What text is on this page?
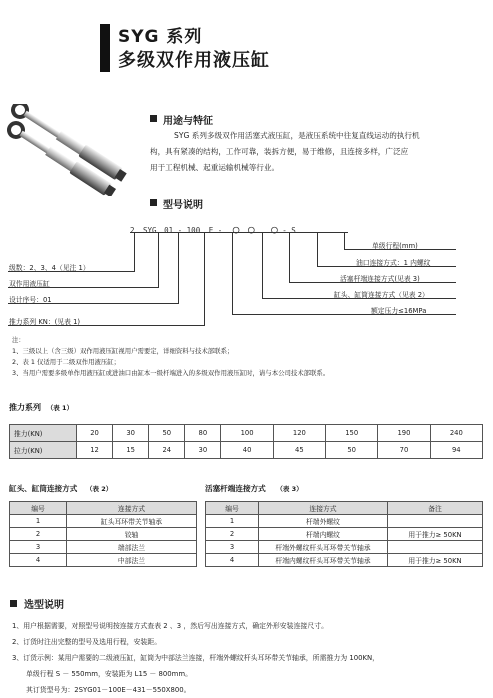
SYG 系列
多级双作用液压缸
用途与特征
SYG 系列多级双作用活塞式液压缸，是液压系统中往复直线运动的执行机
构，具有紧凑的结构，工作可靠，装拆方便，易于维修，且连接多样，广泛应
用于工程机械、起重运输机械等行业。
型号说明
2 SYG 01 - 100 E - ○ ○ ○ - S
单级行程(mm)
油口连接方式：1 内螺纹
活塞杆端连接方式(见表 3)
缸头、缸筒连接方式（见表 2）
额定压力≤16MPa
级数：2、3、4（见注 1）
双作用液压缸
设计序号：01
推力系列 KN：(见表 1)
注：
1、三级以上（含三级）双作用液压缸视用户需要定，详细资料与技术部联系；
2、表 1 仅适用于二级双作用液压缸；
3、当用户需要多级单作用液压缸或进油口由缸本一级杆端进入的多级双作用液压缸时，请与本公司技术部联系。
推力系列 （表 1）
推力(KN)	20	30	50	80	100	120	150	190	240
拉力(KN)	12	15	24	30	40	45	50	70	94
缸头、缸筒连接方式 （表 2）
编号	连接方式
1	缸头耳环带关节轴承
2	铰轴
3	端部法兰
4	中部法兰
活塞杆端连接方式 （表 3）
编号	连接方式	备注
1	杆端外螺纹	
2	杆端内螺纹	用于推力≥ 50KN
3	杆端外螺纹杆头耳环带关节轴承	
4	杆端内螺纹杆头耳环带关节轴承	用于推力≥ 50KN
选型说明
1、用户根据需要，对照型号说明按连接方式查表 2 、3 ，然后写出连接方式，确定外形安装连接尺寸。
2、订货时注出完整的型号及选用行程，安装距。
3、订货示例：某用户需要的二级液压缸，缸筒为中部法兰连接，杆端外螺纹杆头耳环带关节轴承，所需推力为 100KN，
单级行程 S － 550mm，安装距为 L15 － 800mm。
其订货型号为：2SYG01－100E－431－550X800。
